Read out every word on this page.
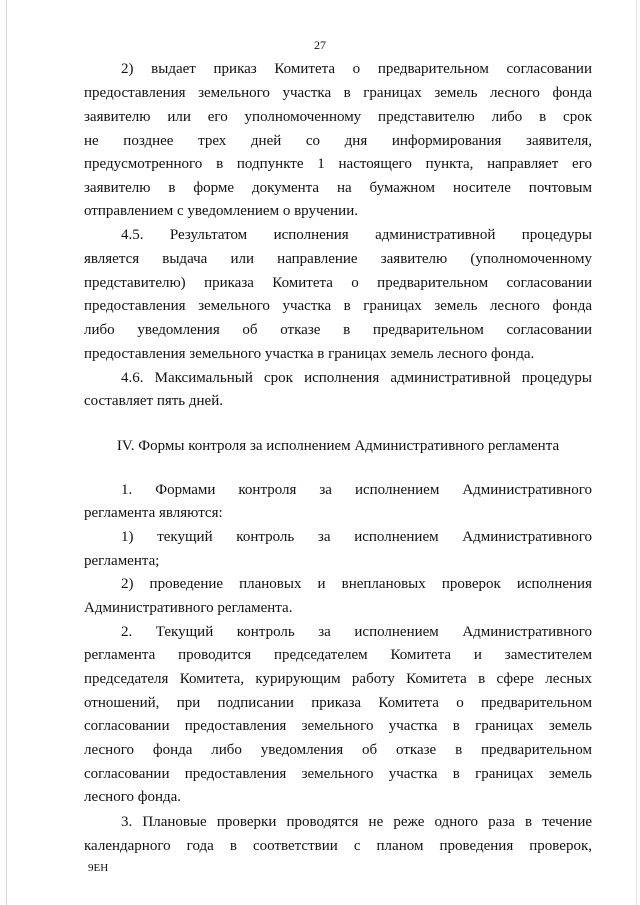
27
2) выдает приказ Комитета о предварительном согласовании
предоставления земельного участка в границах земель лесного фонда
заявителю или его уполномоченному представителю либо в срок
не позднее трех дней со дня информирования заявителя,
предусмотренного в подпункте 1 настоящего пункта, направляет его
заявителю в форме документа на бумажном носителе почтовым
отправлением с уведомлением о вручении.
4.5. Результатом исполнения административной процедуры
является выдача или направление заявителю (уполномоченному
представителю) приказа Комитета о предварительном согласовании
предоставления земельного участка в границах земель лесного фонда
либо уведомления об отказе в предварительном согласовании
предоставления земельного участка в границах земель лесного фонда.
4.6. Максимальный срок исполнения административной процедуры
составляет пять дней.
IV. Формы контроля за исполнением Административного регламента
1. Формами контроля за исполнением Административного
регламента являются:
1) текущий контроль за исполнением Административного
регламента;
2) проведение плановых и внеплановых проверок исполнения
Административного регламента.
2. Текущий контроль за исполнением Административного
регламента проводится председателем Комитета и заместителем
председателя Комитета, курирующим работу Комитета в сфере лесных
отношений, при подписании приказа Комитета о предварительном
согласовании предоставления земельного участка в границах земель
лесного фонда либо уведомления об отказе в предварительном
согласовании предоставления земельного участка в границах земель
лесного фонда.
3. Плановые проверки проводятся не реже одного раза в течение
календарного года в соответствии с планом проведения проверок,
9ЕН
